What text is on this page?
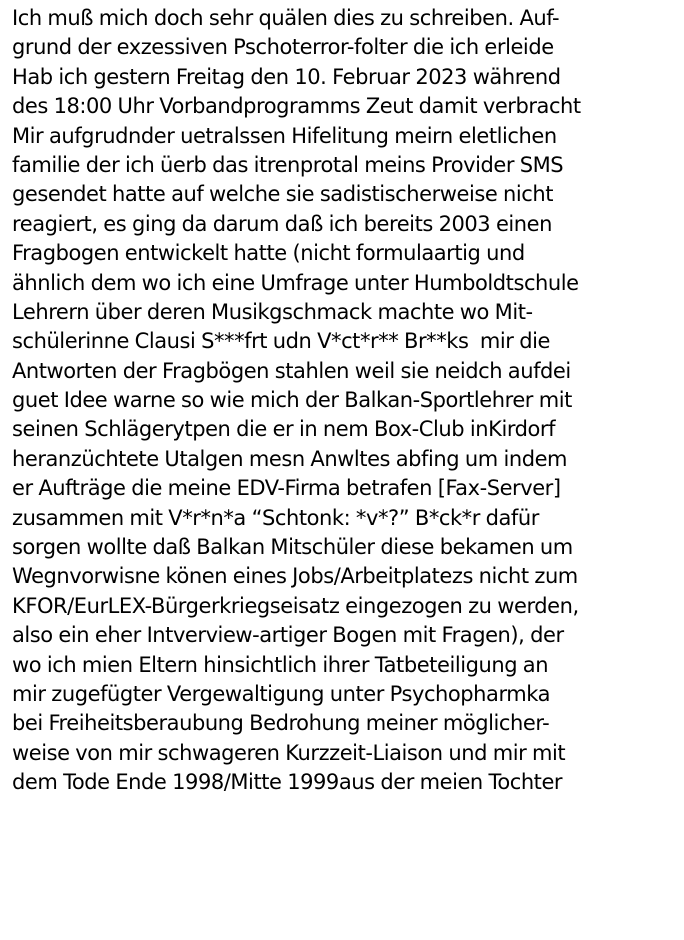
Ich muß mich doch sehr quälen dies zu schreiben. Auf-
grund der exzessiven Pschoterror-folter die ich erleide
Hab ich gestern Freitag den 10. Februar 2023 während
des 18:00 Uhr Vorbandprogramms Zeut damit verbracht
Mir aufgrudnder uetralssen Hifelitung meirn eletlichen
familie der ich üerb das itrenprotal meins Provider SMS
gesendet hatte auf welche sie sadistischerweise nicht
reagiert, es ging da darum daß ich bereits 2003 einen
Fragbogen entwickelt hatte (nicht formulaartig und
ähnlich dem wo ich eine Umfrage unter Humboldtschule
Lehrern über deren Musikgschmack machte wo Mit-
schülerinne Clausi S***frt udn V*ct*r** Br**ks  mir die
Antworten der Fragbögen stahlen weil sie neidch aufdei
guet Idee warne so wie mich der Balkan-Sportlehrer mit
seinen Schlägerytpen die er in nem Box-Club inKirdorf
heranzüchtete Utalgen mesn Anwltes abfing um indem
er Aufträge die meine EDV-Firma betrafen [Fax-Server]
zusammen mit V*r*n*a “Schtonk: *v*?” B*ck*r dafür
sorgen wollte daß Balkan Mitschüler diese bekamen um
Wegnvorwisne könen eines Jobs/Arbeitplatezs nicht zum
KFOR/EurLEX-Bürgerkriegseisatz eingezogen zu werden,
also ein eher Intverview-artiger Bogen mit Fragen), der
wo ich mien Eltern hinsichtlich ihrer Tatbeteiligung an
mir zugefügter Vergewaltigung unter Psychopharmka
bei Freiheitsberaubung Bedrohung meiner möglicher-
weise von mir schwageren Kurzzeit-Liaison und mir mit
dem Tode Ende 1998/Mitte 1999aus der meien Tochter
